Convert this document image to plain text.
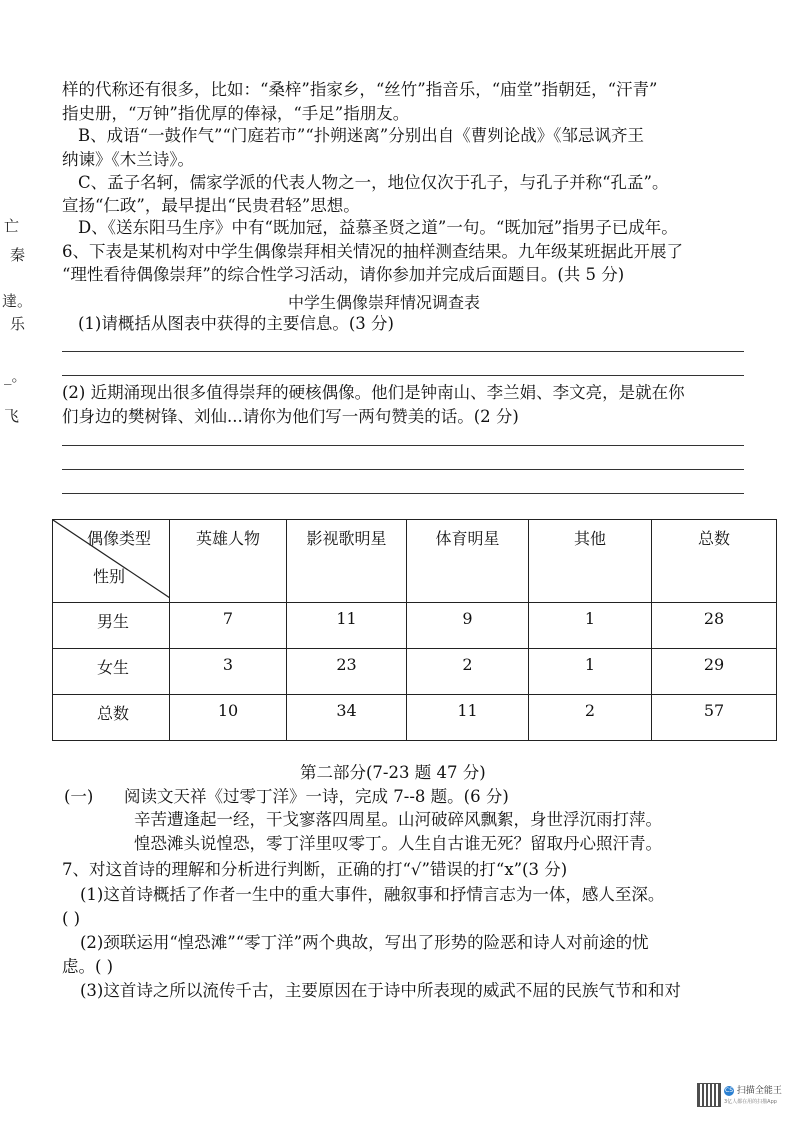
亡
秦
達。
乐
_。
飞
样的代称还有很多，比如：“桑梓”指家乡，“丝竹”指音乐，“庙堂”指朝廷，“汗青”
指史册，“万钟”指优厚的俸禄，“手足”指朋友。
B、成语“一鼓作气”“门庭若市”“扑朔迷离”分别出自《曹刿论战》《邹忌讽齐王
纳谏》《木兰诗》。
C、孟子名轲，儒家学派的代表人物之一，地位仅次于孔子，与孔子并称“孔孟”。
宣扬“仁政”，最早提出“民贵君轻”思想。
D、《送东阳马生序》中有“既加冠，益慕圣贤之道”一句。“既加冠”指男子已成年。
6、下表是某机构对中学生偶像崇拜相关情况的抽样测查结果。九年级某班据此开展了
“理性看待偶像崇拜”的综合性学习活动，请你参加并完成后面题目。(共 5 分)
中学生偶像崇拜情况调查表
(1)请概括从图表中获得的主要信息。(3 分)
(2) 近期涌现出很多值得崇拜的硬核偶像。他们是钟南山、李兰娟、李文亮，是就在你
们身边的樊树锋、刘仙...请你为他们写一两句赞美的话。(2 分)
偶像类型
性别	英雄人物	影视歌明星	体育明星	其他	总数
男生	7	11	9	1	28
女生	3	23	2	1	29
总数	10	34	11	2	57
第二部分(7-23 题 47 分)
(一) 阅读文天祥《过零丁洋》一诗，完成 7--8 题。(6 分)
辛苦遭逢起一经，干戈寥落四周星。山河破碎风飘絮，身世浮沉雨打萍。
惶恐滩头说惶恐，零丁洋里叹零丁。人生自古谁无死？留取丹心照汗青。
7、对这首诗的理解和分析进行判断，正确的打“√”错误的打“x”(3 分)
(1)这首诗概括了作者一生中的重大事件，融叙事和抒情言志为一体，感人至深。
( )
(2)颈联运用“惶恐滩”“零丁洋”两个典故，写出了形势的险恶和诗人对前途的忧
虑。( )
(3)这首诗之所以流传千古，主要原因在于诗中所表现的威武不屈的民族气节和和对
CS 扫描全能王
3亿人都在用的扫描App
